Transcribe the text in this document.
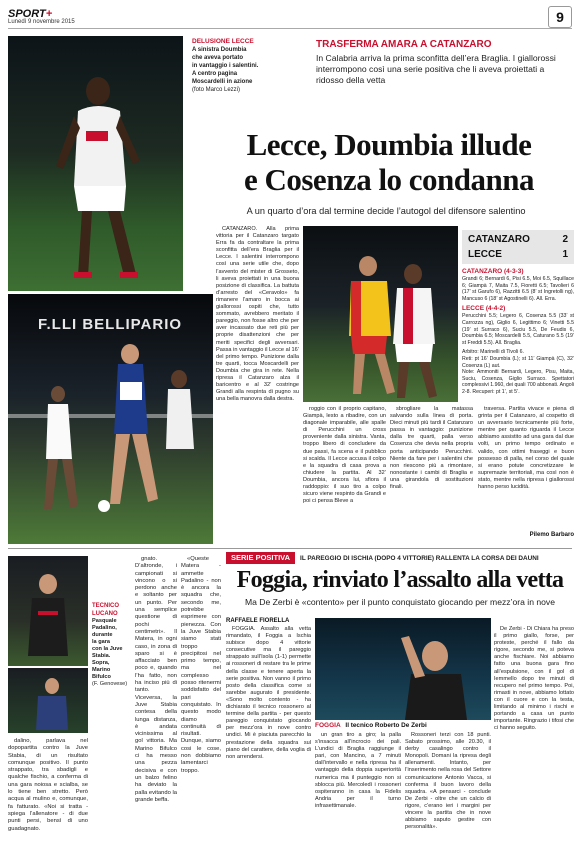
SPORT+
Lunedì 9 novembre 2015	9
DELUSIONE LECCE
A sinistra Doumbia
che aveva portato
in vantaggio i salentini.
A centro pagina
Moscardelli in azione
(foto Marco Lezzi)
TRASFERMA AMARA A CATANZARO
In Calabria arriva la prima sconfitta dell’era Braglia. I giallorossi interrompono così una serie positiva che li aveva proiettati a ridosso della vetta
Lecce, Doumbia illude
e Cosenza lo condanna
A un quarto d’ora dal termine decide l’autogol del difensore salentino
F.LLI BELLIPARIO

CATANZARO. Alla prima vittoria per il Catanzaro targato Erra fa da contraltare la prima sconfitta dell’era Braglia per il Lecce. I salentini interrompono così una serie utile che, dopo l’avvento del mister di Grosseto, li aveva proiettati in una buona posizione di classifica. La battuta d’arresto del «Ceravolo» fa rimanere l’amaro in bocca ai giallorossi ospiti che, tutto sommato, avrebbero meritato il pareggio, non fosse altro che per aver incassato due reti più per proprie disattenzioni che per meriti specifici degli avversari. Passa in vantaggio il Lecce al 16’ del primo tempo. Punizione dalla tre quarti, tocca Moscardelli per Doumbia che gira in rete. Nella ripresa il Catanzaro alza il baricentro e al 32’ costringe Grandi alla respinta di pugno su una bella manovra dalla destra.

CATANZARO	2
LECCE	1
CATANZARO (4-3-3)
Grandi 6; Bernardi 6, Pisi 6.5, Moi 6.5, Squillace 6; Giampà 7, Maita 7.5, Fioretti 6.5; Tavolieri 6 (17’ st Garufo 6), Razzitti 6.5 (8’ st Ingretolli ng), Mancuso 6 (18’ st Agostinelli 6). All. Erra.
LECCE (4-4-2)
Perucchini 5.5; Legero 6, Cosenza 5.5 (33’ st Carrozza ng), Giglio 6, Legittimo 6; Vinetti 5.5 (19’ st Surraco 6), Suciu 5.5, De Feudis 6, Doumbia 6.5; Moscardelli 5.5, Caturano 5.5 (19’ st Freddi 5.5). All. Braglia.
Arbitro: Marinelli di Tivoli 6.
Reti: pt 16’ Doumbia (L); st 11’ Giampà (C), 32’ Cosenza (L) aut.
Note: Ammoniti Bernardi, Legero, Pisu, Maita, Suciu, Cosenza, Giglio Surraco. Spettatori complessivi 1.960, dei quali 700 abbonati. Angoli 2-8. Recuperi: pt 1’, st 5’.

roggio con il proprio capitano, Giampà, lesto a ribadire, con un diagonale imparabile, alle spalle di Perucchini un cross proveniente dalla sinistra. Vanta, troppo libero di concludere da due passi, fa scena e il pubblico si scalda. Il Lecce accusa il colpo e la squadra di casa prova a chiudere la partita. Al 32’ Doumbia, ancora lui, sfiora il raddoppio: il suo tiro a colpo sicuro viene respinto da Grandi e poi ci pensa Bleve a

sbrogliare la matassa salvando sulla linea di porta. Dieci minuti più tardi il Catanzaro passa in vantaggio: punizione dalla tre quarti, palla verso Cosenza che devia nella propria porta anticipando Perucchini. Niente da fare per i salentini che non riescono più a rimontare, nonostante i cambi di Braglia e una girandola di sostituzioni finali.

traversa. Partita vivace e piena di grinta per il Catanzaro, al cospetto di un avversario tecnicamente più forte, mentre per quanto riguarda il Lecce abbiamo assistito ad una gara dal due volti, un primo tempo ordinato e valido, con ottimi fraseggi e buon possesso di palla, nel corso del quale si erano potute concretizzare le supremazie territoriali, ma così non è stato, mentre nella ripresa i giallorossi hanno perso lucidità.

Pilemo Barbaro
TECNICO LUCANO
Pasquale
Padalino,
durante
la gara
con la Juve
Stabia.
Sopra,
Marino
Bifulco
(F. Genovese)

dalino, parlava nel dopopartita contro la Juve Stabia, di un risultato comunque positivo. Il punto strappato, tra sbadigli e qualche fischio, a conferma di una gara noiosa e scialba, se lo tiene ben stretto. Però acqua al mulino e, comunque, fa fatturato. «Noi si tratta - spiega l’allenatore - di due punti persi, bensì di uno guadagnato.

gnato. D’altronde, i campionati si vincono o si perdono anche e soltanto per un punto. Per una semplice questione di pochi centimetri». Il Matera, in ogni caso, in zona di sparo si è affacciato ben poco e, quando l’ha fatto, non ha inciso più di tanto. Viceversa, la Juve Stabia contesa della lunga distanza, è andata vicinissima al gol vittoria. Ma Marino Bifulco ci ha messo una pezza decisiva e con un balzo felino ha deviato la palla evitando la grande beffa.

«Queste Matera - ammette Padalino - non è ancora la squadra che, secondo me, potrebbe esprimere con pienezza. Con la Juve Stabia siamo stati troppo precipitosi nel primo tempo, ma nel complesso posso ritenermi soddisfatto del pari conquistato. In questo modo diamo continuità di risultati. Dunque, siamo cosi le cose, non dobbiamo lamentarci troppo.

SERIE POSITIVA	IL PAREGGIO DI ISCHIA (DOPO 4 VITTORIE) RALLENTA LA CORSA DEI DAUNI
Foggia, rinviato l’assalto alla vetta
Ma De Zerbi è «contento» per il punto conquistato giocando per mezz’ora in nove
RAFFAELE FIORELLA

FOGGIA. Assalto alla vetta rimandato, il Foggia a Ischia subisce dopo 4 vittorie consecutive ma il pareggio strappato sull’Isola (1-1) permette ai rossoneri di restare tra le prime della classe e tenere aperta la serie positiva. Non vanno il primo posto della classifica come si sarebbe augurato il presidente. «Sono molto contento - ha dichiarato il tecnico rossonero al termine della partita - per questo pareggio conquistato giocando per mezz’ora in nove contro undici. Mi è piaciuta parecchio la prestazione della squadra sul piano del carattere, della voglia di non arrendersi.

FOGGIA Il tecnico Roberto De Zerbi

De Zerbi - Di Chiara ha preso il primo giallo, forse, per proteste, perché il fallo da rigore, secondo me, si poteva anche fischiare. Noi abbiamo fatto una buona gara fino all’espulsione, con il gol di Iemmello dopo tre minuti di recupero nel primo tempo. Poi, rimasti in nove, abbiamo lottato con il cuore e con la testa, limitando al minimo i rischi e portando a casa un punto importante. Ringrazio i tifosi che ci hanno seguito.

un gran tiro a giro; la palla s’insacca all’incrocio dei pali. L’undici di Braglia raggiunge il pari, con Mancino, a 7 minuti dall’intervallo e nella ripresa ha il vantaggio della doppia superiorità numerica ma il punteggio non si sblocca più. Mercoledì i rossoneri ospiteranno in casa la Fidelis Andria per il turno infrasettimanale.

Rossoneri terzi con 18 punti. Sabato prossimo, alle 20.30, il derby casalingo contro il Monopoli. Domani la ripresa degli allenamenti. Intanto, per l’inserimento nella rosa del Settore comunicazione Antonio Vacca, si conferma il buon lavoro della squadra. «A pensarci - conclude De Zerbi - oltre che un calcio di rigore, c’erano ieri i margini per vincere la partita che in nove abbiamo saputo gestire con personalità».
